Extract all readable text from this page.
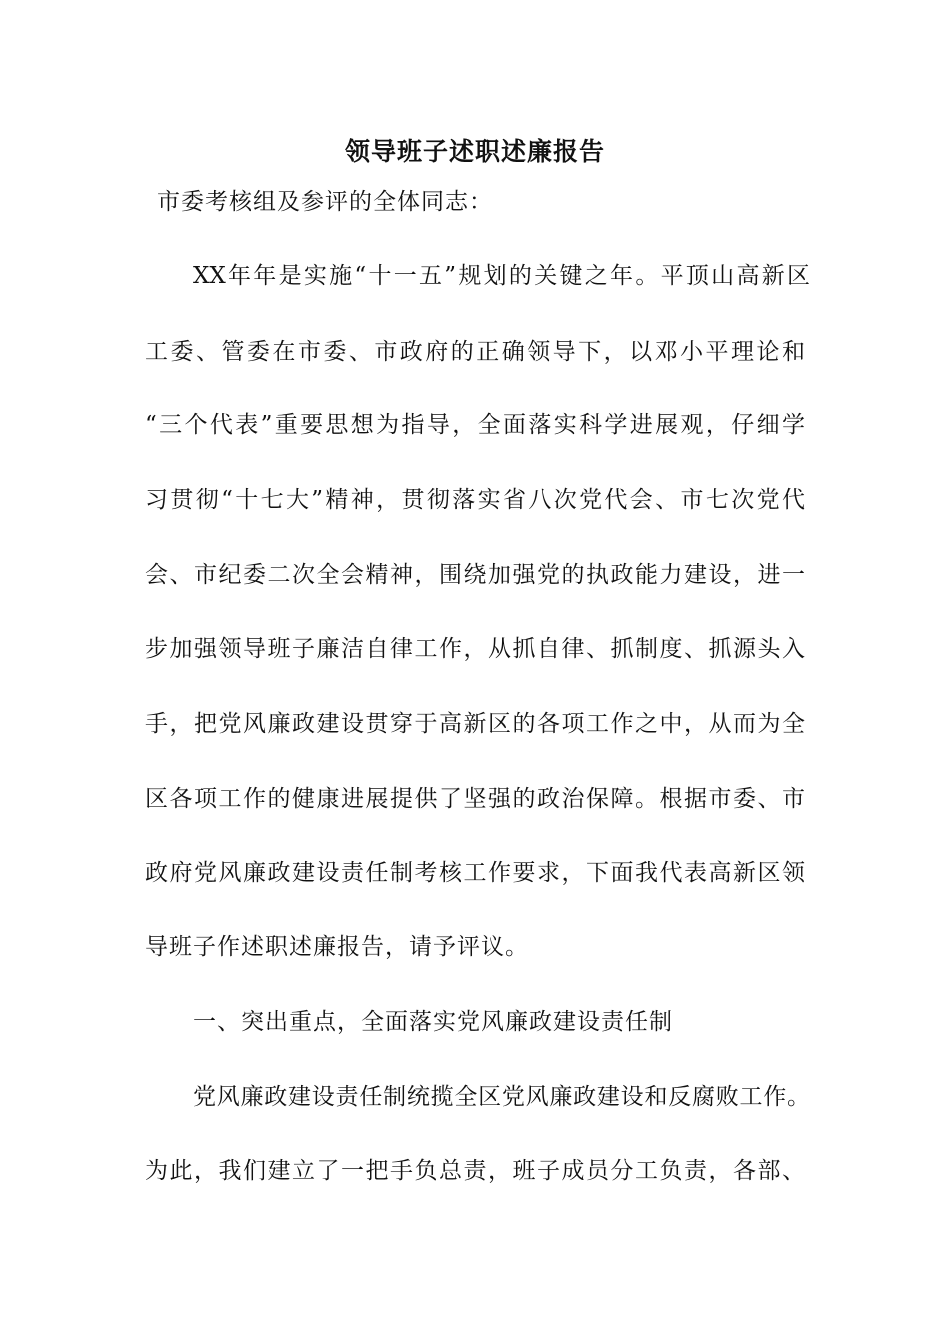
领导班子述职述廉报告

市委考核组及参评的全体同志：

XX年年是实施“十一五”规划的关键之年。平顶山高新区

工委、管委在市委、市政府的正确领导下，以邓小平理论和

“三个代表”重要思想为指导，全面落实科学进展观，仔细学

习贯彻“十七大”精神，贯彻落实省八次党代会、市七次党代

会、市纪委二次全会精神，围绕加强党的执政能力建设，进一

步加强领导班子廉洁自律工作，从抓自律、抓制度、抓源头入

手，把党风廉政建设贯穿于高新区的各项工作之中，从而为全

区各项工作的健康进展提供了坚强的政治保障。根据市委、市

政府党风廉政建设责任制考核工作要求，下面我代表高新区领

导班子作述职述廉报告，请予评议。

一、突出重点，全面落实党风廉政建设责任制

党风廉政建设责任制统揽全区党风廉政建设和反腐败工作。

为此，我们建立了一把手负总责，班子成员分工负责，各部、
